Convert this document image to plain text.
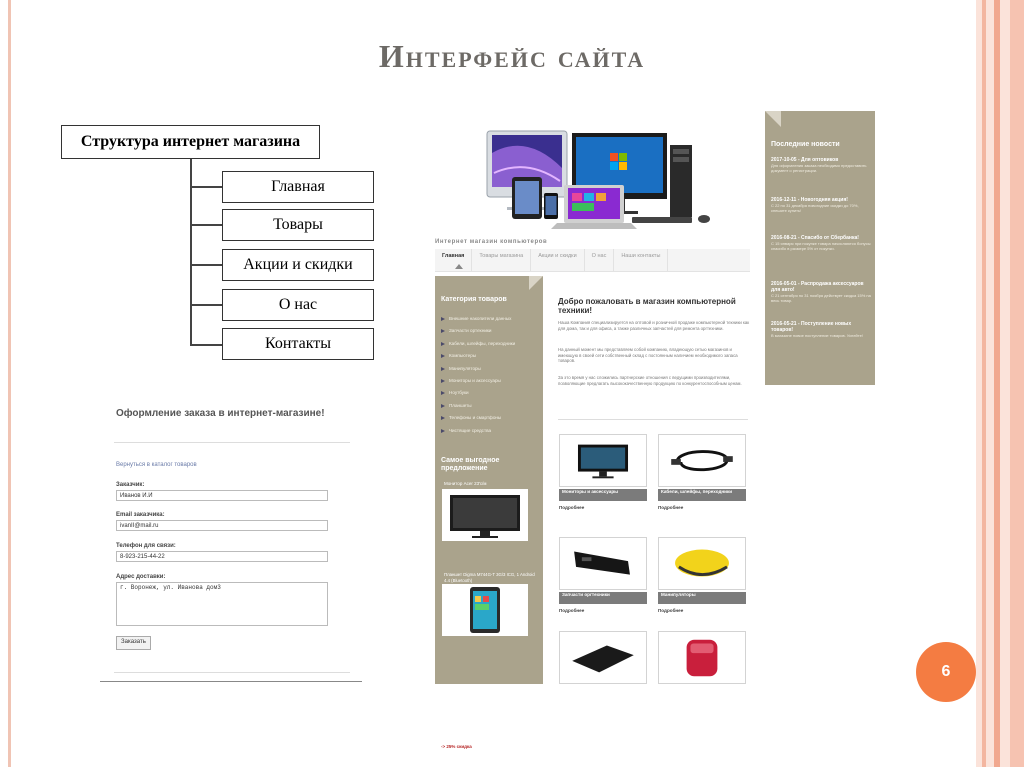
Интерфейс сайта
Структура интернет магазина
Главная
Товары
Акции и скидки
О нас
Контакты
Оформление заказа в интернет-магазине!
Вернуться в каталог товаров
Заказчик:
Иванов И.И
Email заказчика:
ivanII@mail.ru
Телефон для связи:
8-923-215-44-22
Адрес доставки:
г. Воронеж, ул. Иванова дом3
Заказать
Интернет магазин компьютеров
Главная	Товары магазина	Акции и скидки	О нас	Наши контакты
Категория товаров
Внешние накопители данных
Запчасти ортехники
Кабели, шлейфы, переходники
Компьютеры
Манипуляторы
Мониторы и аксессуары
Ноутбуки
Планшеты
Телефоны и смартфоны
Чистящие средства
Самое выгодное предложение
Монитор Acer 23'с/м
Планшет Digma M744G-T 3G/3 ICG, 1 Android 4.4 (Bluetooth)
Успейте приобрести товары по выгодным ценам!
-> 25% скидка | Подробнее
Добро пожаловать в магазин компьютерной техники!
Наша Компания специализируется на оптовой и розничной продаже компьютерной техники как для дома, так и для офиса, а также различных запчастей для ремонта оргтехники.
На данный момент мы представляем собой компанию, владеющую сетью магазинов и имеющую в своей сети собственный склад с постоянным наличием необходимого запаса товаров.
За это время у нас сложились партнерские отношения с ведущими производителями, позволяющие предлагать высококачественную продукцию по конкурентоспособным ценам.
Мониторы и аксессуары
Подробнее
Кабели, шлейфы, переходники
Подробнее
Запчасти оргтехники
Подробнее
Манипуляторы
Подробнее
Последние новости
2017-10-05 - Для оптовиков
Для оформления заказа необходимо предоставить документ о регистрации.
2016-12-11 - Новогодняя акция!
С 22 по 31 декабря новогодние скидки до 70%, спешите купить!
2016-08-21 - Спасибо от Сбербанка!
С 15 января при покупке товара начисляются бонусы спасибо в размере 5% от покупки.
2016-05-01 - Распродажа аксессуаров для авто!
С 21 сентября по 31 ноября действует скидка 15% на весь товар.
2016-05-21 - Поступление новых товаров!
В магазине новое поступление товаров. Успейте!
6
